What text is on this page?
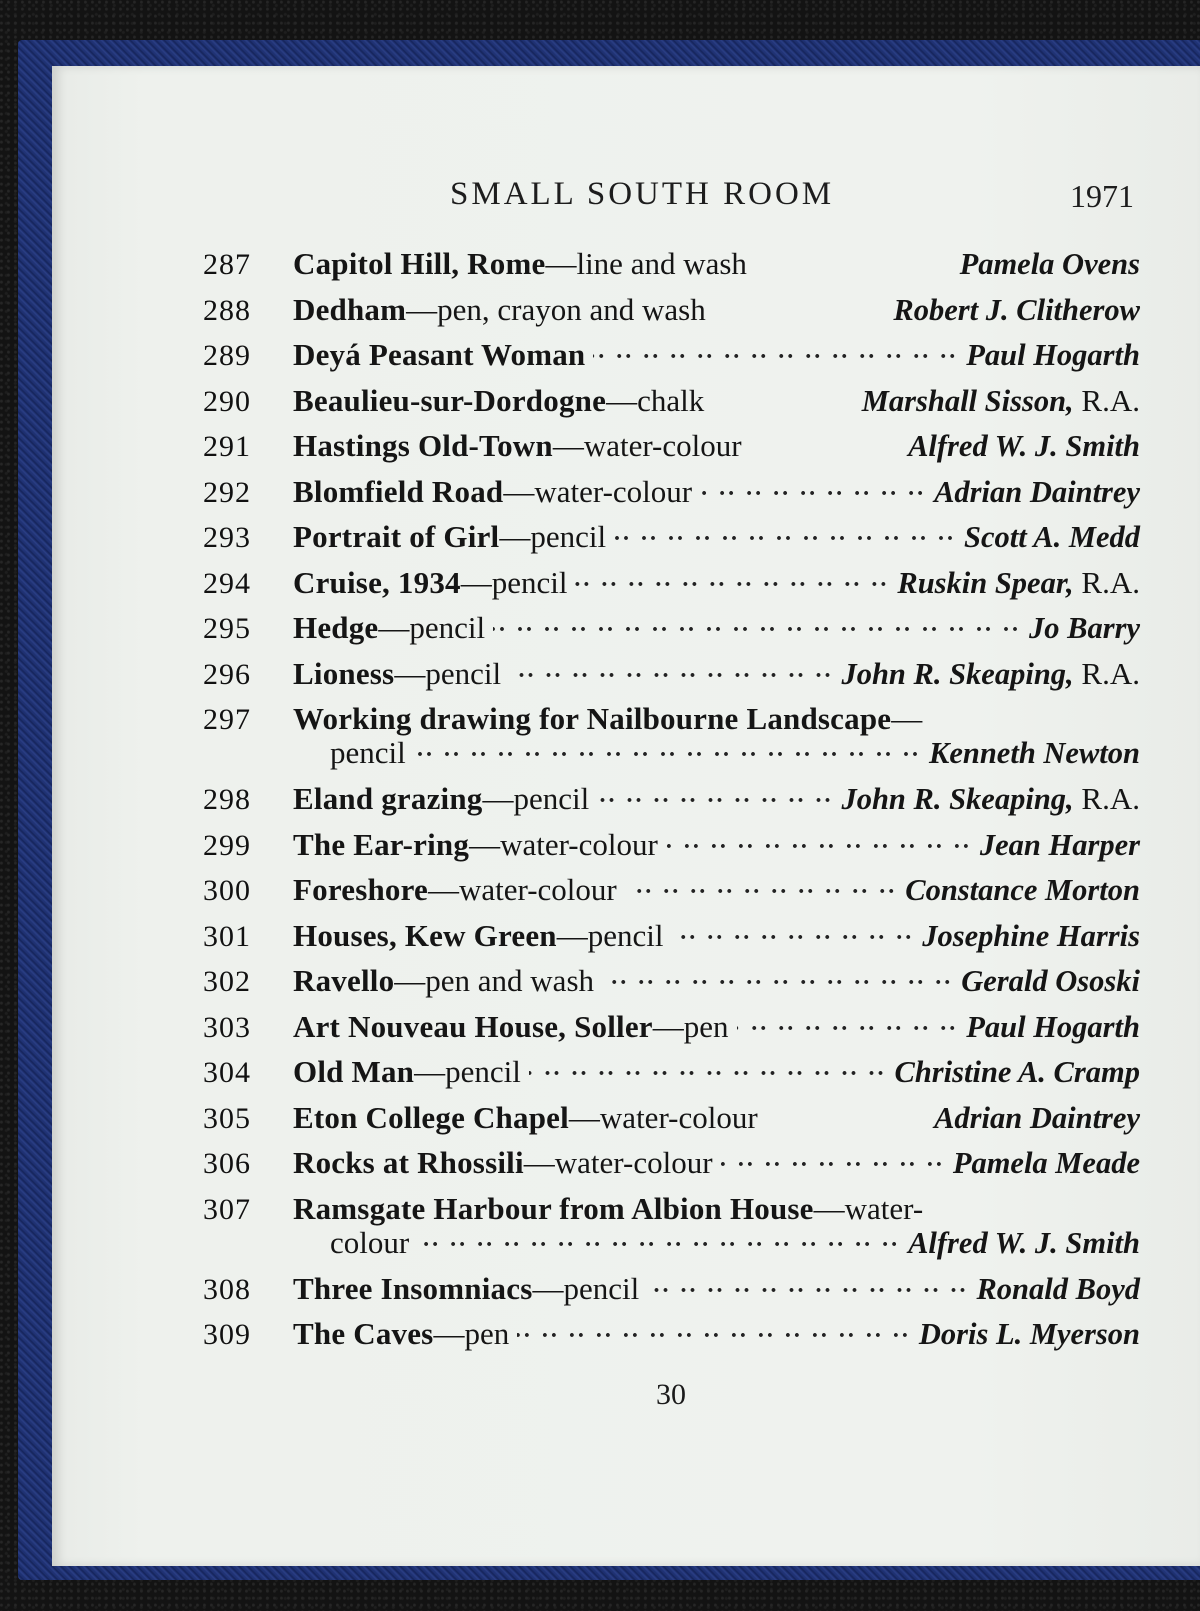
SMALL SOUTH ROOM	1971
287 Capitol Hill, Rome —line and wash	Pamela Ovens
288 Dedham —pen, crayon and wash	Robert J. Clitherow
289 Deyá Peasant Woman .. ..	Paul Hogarth
290 Beaulieu-sur-Dordogne —chalk	Marshall Sisson, R.A.
291 Hastings Old-Town —water-colour	Alfred W. J. Smith
292 Blomfield Road —water-colour .. ..	Adrian Daintrey
293 Portrait of Girl —pencil .. ..	Scott A. Medd
294 Cruise, 1934 —pencil .. ..	Ruskin Spear, R.A.
295 Hedge —pencil .. ..	Jo Barry
296 Lioness —pencil .. ..	John R. Skeaping, R.A.
297 Working drawing for Nailbourne Landscape —
pencil .. ..	Kenneth Newton
298 Eland grazing —pencil .. ..	John R. Skeaping, R.A.
299 The Ear-ring —water-colour .. ..	Jean Harper
300 Foreshore —water-colour .. ..	Constance Morton
301 Houses, Kew Green —pencil .. ..	Josephine Harris
302 Ravello —pen and wash .. ..	Gerald Ososki
303 Art Nouveau House, Soller —pen .. ..	Paul Hogarth
304 Old Man —pencil .. ..	Christine A. Cramp
305 Eton College Chapel —water-colour	Adrian Daintrey
306 Rocks at Rhossili —water-colour .. ..	Pamela Meade
307 Ramsgate Harbour from Albion House —water-
colour .. ..	Alfred W. J. Smith
308 Three Insomniacs —pencil .. ..	Ronald Boyd
309 The Caves —pen .. ..	Doris L. Myerson
30
